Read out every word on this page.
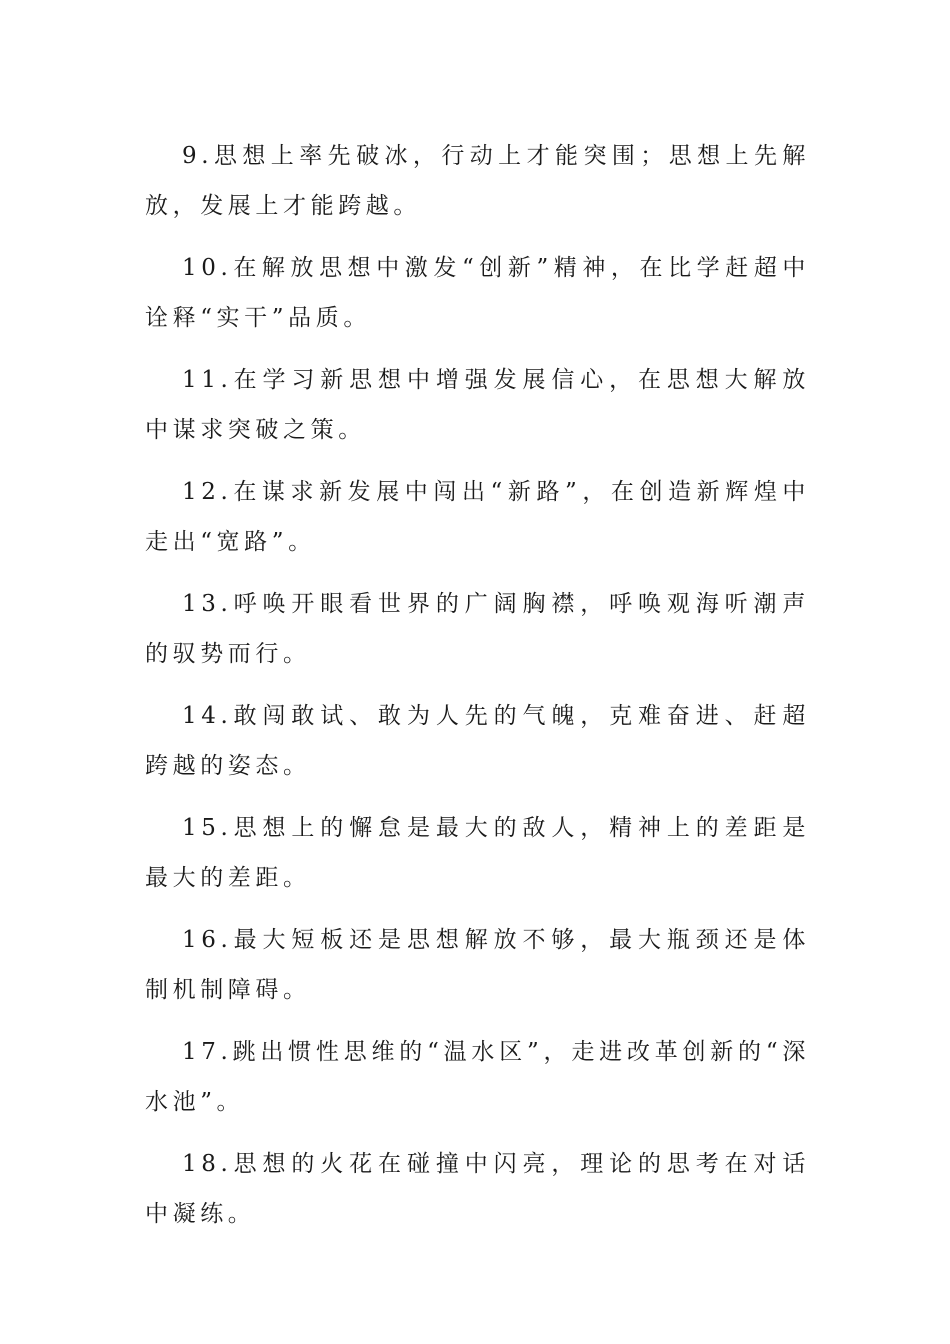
9.思想上率先破冰，行动上才能突围；思想上先解放，发展上才能跨越。

10.在解放思想中激发“创新”精神，在比学赶超中诠释“实干”品质。

11.在学习新思想中增强发展信心，在思想大解放中谋求突破之策。

12.在谋求新发展中闯出“新路”，在创造新辉煌中走出“宽路”。

13.呼唤开眼看世界的广阔胸襟，呼唤观海听潮声的驭势而行。

14.敢闯敢试、敢为人先的气魄，克难奋进、赶超跨越的姿态。

15.思想上的懈怠是最大的敌人，精神上的差距是最大的差距。

16.最大短板还是思想解放不够，最大瓶颈还是体制机制障碍。

17.跳出惯性思维的“温水区”，走进改革创新的“深水池”。

18.思想的火花在碰撞中闪亮，理论的思考在对话中凝练。
